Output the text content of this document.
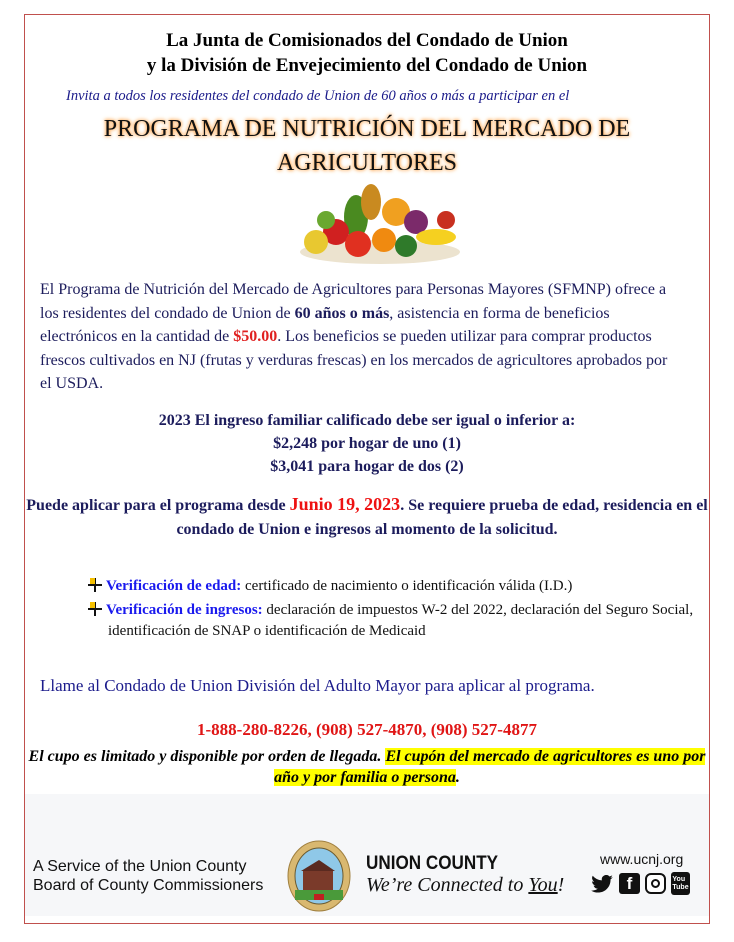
La Junta de Comisionados del Condado de Union
y la División de Envejecimiento del Condado de Union
Invita a todos los residentes del condado de Union de 60 años o más a participar en el
PROGRAMA DE NUTRICIÓN DEL MERCADO DE
AGRICULTORES
El Programa de Nutrición del Mercado de Agricultores para Personas Mayores (SFMNP) ofrece a los residentes del condado de Union de 60 años o más, asistencia en forma de beneficios electrónicos en la cantidad de $50.00. Los beneficios se pueden utilizar para comprar productos frescos cultivados en NJ (frutas y verduras frescas) en los mercados de agricultores aprobados por el USDA.
2023 El ingreso familiar calificado debe ser igual o inferior a:
$2,248 por hogar de uno (1)
$3,041 para hogar de dos (2)
Puede aplicar para el programa desde Junio 19, 2023. Se requiere prueba de edad, residencia en el condado de Union e ingresos al momento de la solicitud.
Verificación de edad: certificado de nacimiento o identificación válida (I.D.)
Verificación de ingresos: declaración de impuestos W-2 del 2022, declaración del Seguro Social, identificación de SNAP o identificación de Medicaid
Llame al Condado de Union División del Adulto Mayor para aplicar al programa.
1-888-280-8226, (908) 527-4870, (908) 527-4877
El cupo es limitado y disponible por orden de llegada. El cupón del mercado de agricultores es uno por año y por familia o persona.
A Service of the Union County
Board of County Commissioners
UNION COUNTY
We’re Connected to You!
www.ucnj.org
f	You
Tube
